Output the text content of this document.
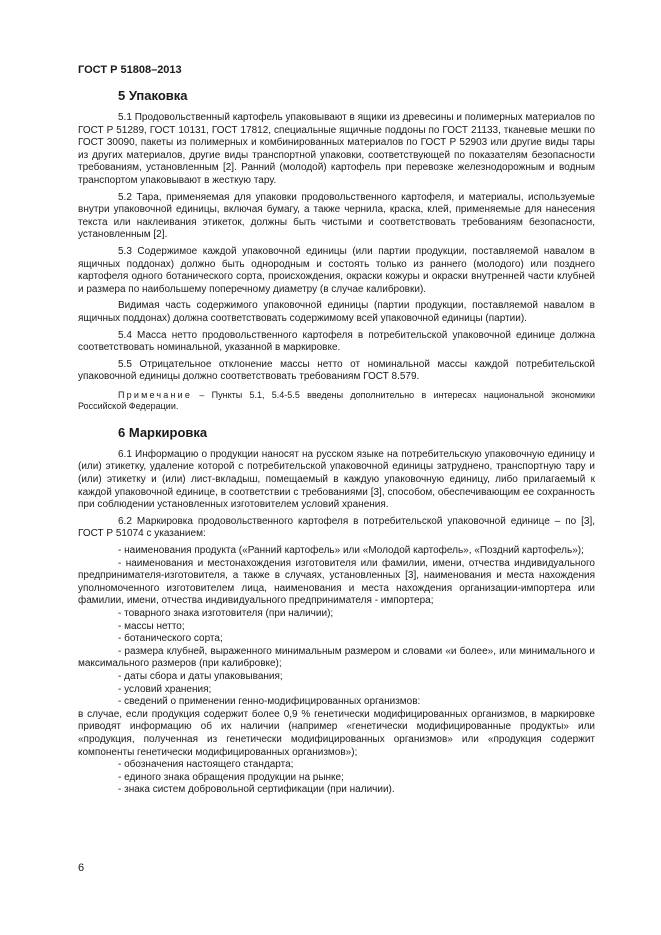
ГОСТ Р 51808–2013
5 Упаковка

5.1 Продовольственный картофель упаковывают в ящики из древесины и полимерных материалов по ГОСТ Р 51289, ГОСТ 10131, ГОСТ 17812, специальные ящичные поддоны по ГОСТ 21133, тканевые мешки по ГОСТ 30090, пакеты из полимерных и комбинированных материалов по ГОСТ Р 52903 или другие виды тары из других материалов, другие виды транспортной упаковки, соответствующей по показателям безопасности требованиям, установленным [2]. Ранний (молодой) картофель при перевозке железнодорожным и водным транспортом упаковывают в жесткую тару.

5.2 Тара, применяемая для упаковки продовольственного картофеля, и материалы, используемые внутри упаковочной единицы, включая бумагу, а также чернила, краска, клей, применяемые для нанесения текста или наклеивания этикеток, должны быть чистыми и соответствовать требованиям безопасности, установленным [2].

5.3 Содержимое каждой упаковочной единицы (или партии продукции, поставляемой навалом в ящичных поддонах) должно быть однородным и состоять только из раннего (молодого) или позднего картофеля одного ботанического сорта, происхождения, окраски кожуры и окраски внутренней части клубней и размера по наибольшему поперечному диаметру (в случае калибровки).

Видимая часть содержимого упаковочной единицы (партии продукции, поставляемой навалом в ящичных поддонах) должна соответствовать содержимому всей упаковочной единицы (партии).

5.4 Масса нетто продовольственного картофеля в потребительской упаковочной единице должна соответствовать номинальной, указанной в маркировке.

5.5 Отрицательное отклонение массы нетто от номинальной массы каждой потребительской упаковочной единицы должно соответствовать требованиям ГОСТ 8.579.

Примечание – Пункты 5.1, 5.4-5.5 введены дополнительно в интересах национальной экономики Российской Федерации.

6 Маркировка

6.1 Информацию о продукции наносят на русском языке на потребительскую упаковочную единицу и (или) этикетку, удаление которой с потребительской упаковочной единицы затруднено, транспортную тару и (или) этикетку и (или) лист-вкладыш, помещаемый в каждую упаковочную единицу, либо прилагаемый к каждой упаковочной единице, в соответствии с требованиями [3], способом, обеспечивающим ее сохранность при соблюдении установленных изготовителем условий хранения.

6.2 Маркировка продовольственного картофеля в потребительской упаковочной единице – по [3], ГОСТ Р 51074 с указанием:

- наименования продукта («Ранний картофель» или «Молодой картофель», «Поздний картофель»);

- наименования и местонахождения изготовителя или фамилии, имени, отчества индивидуального предпринимателя-изготовителя, а также в случаях, установленных [3], наименования и места нахождения уполномоченного изготовителем лица, наименования и места нахождения организации-импортера или фамилии, имени, отчества индивидуального предпринимателя - импортера;

- товарного знака изготовителя (при наличии);

- массы нетто;

- ботанического сорта;

- размера клубней, выраженного минимальным размером и словами «и более», или минимального и максимального размеров (при калибровке);

- даты сбора и даты упаковывания;

- условий хранения;

- сведений о применении генно-модифицированных организмов:

в случае, если продукция содержит более 0,9 % генетически модифицированных организмов, в маркировке приводят информацию об их наличии (например «генетически модифицированные продукты» или «продукция, полученная из генетически модифицированных организмов» или «продукция содержит компоненты генетически модифицированных организмов»);

- обозначения настоящего стандарта;

- единого знака обращения продукции на рынке;

- знака систем добровольной сертификации (при наличии).

6
